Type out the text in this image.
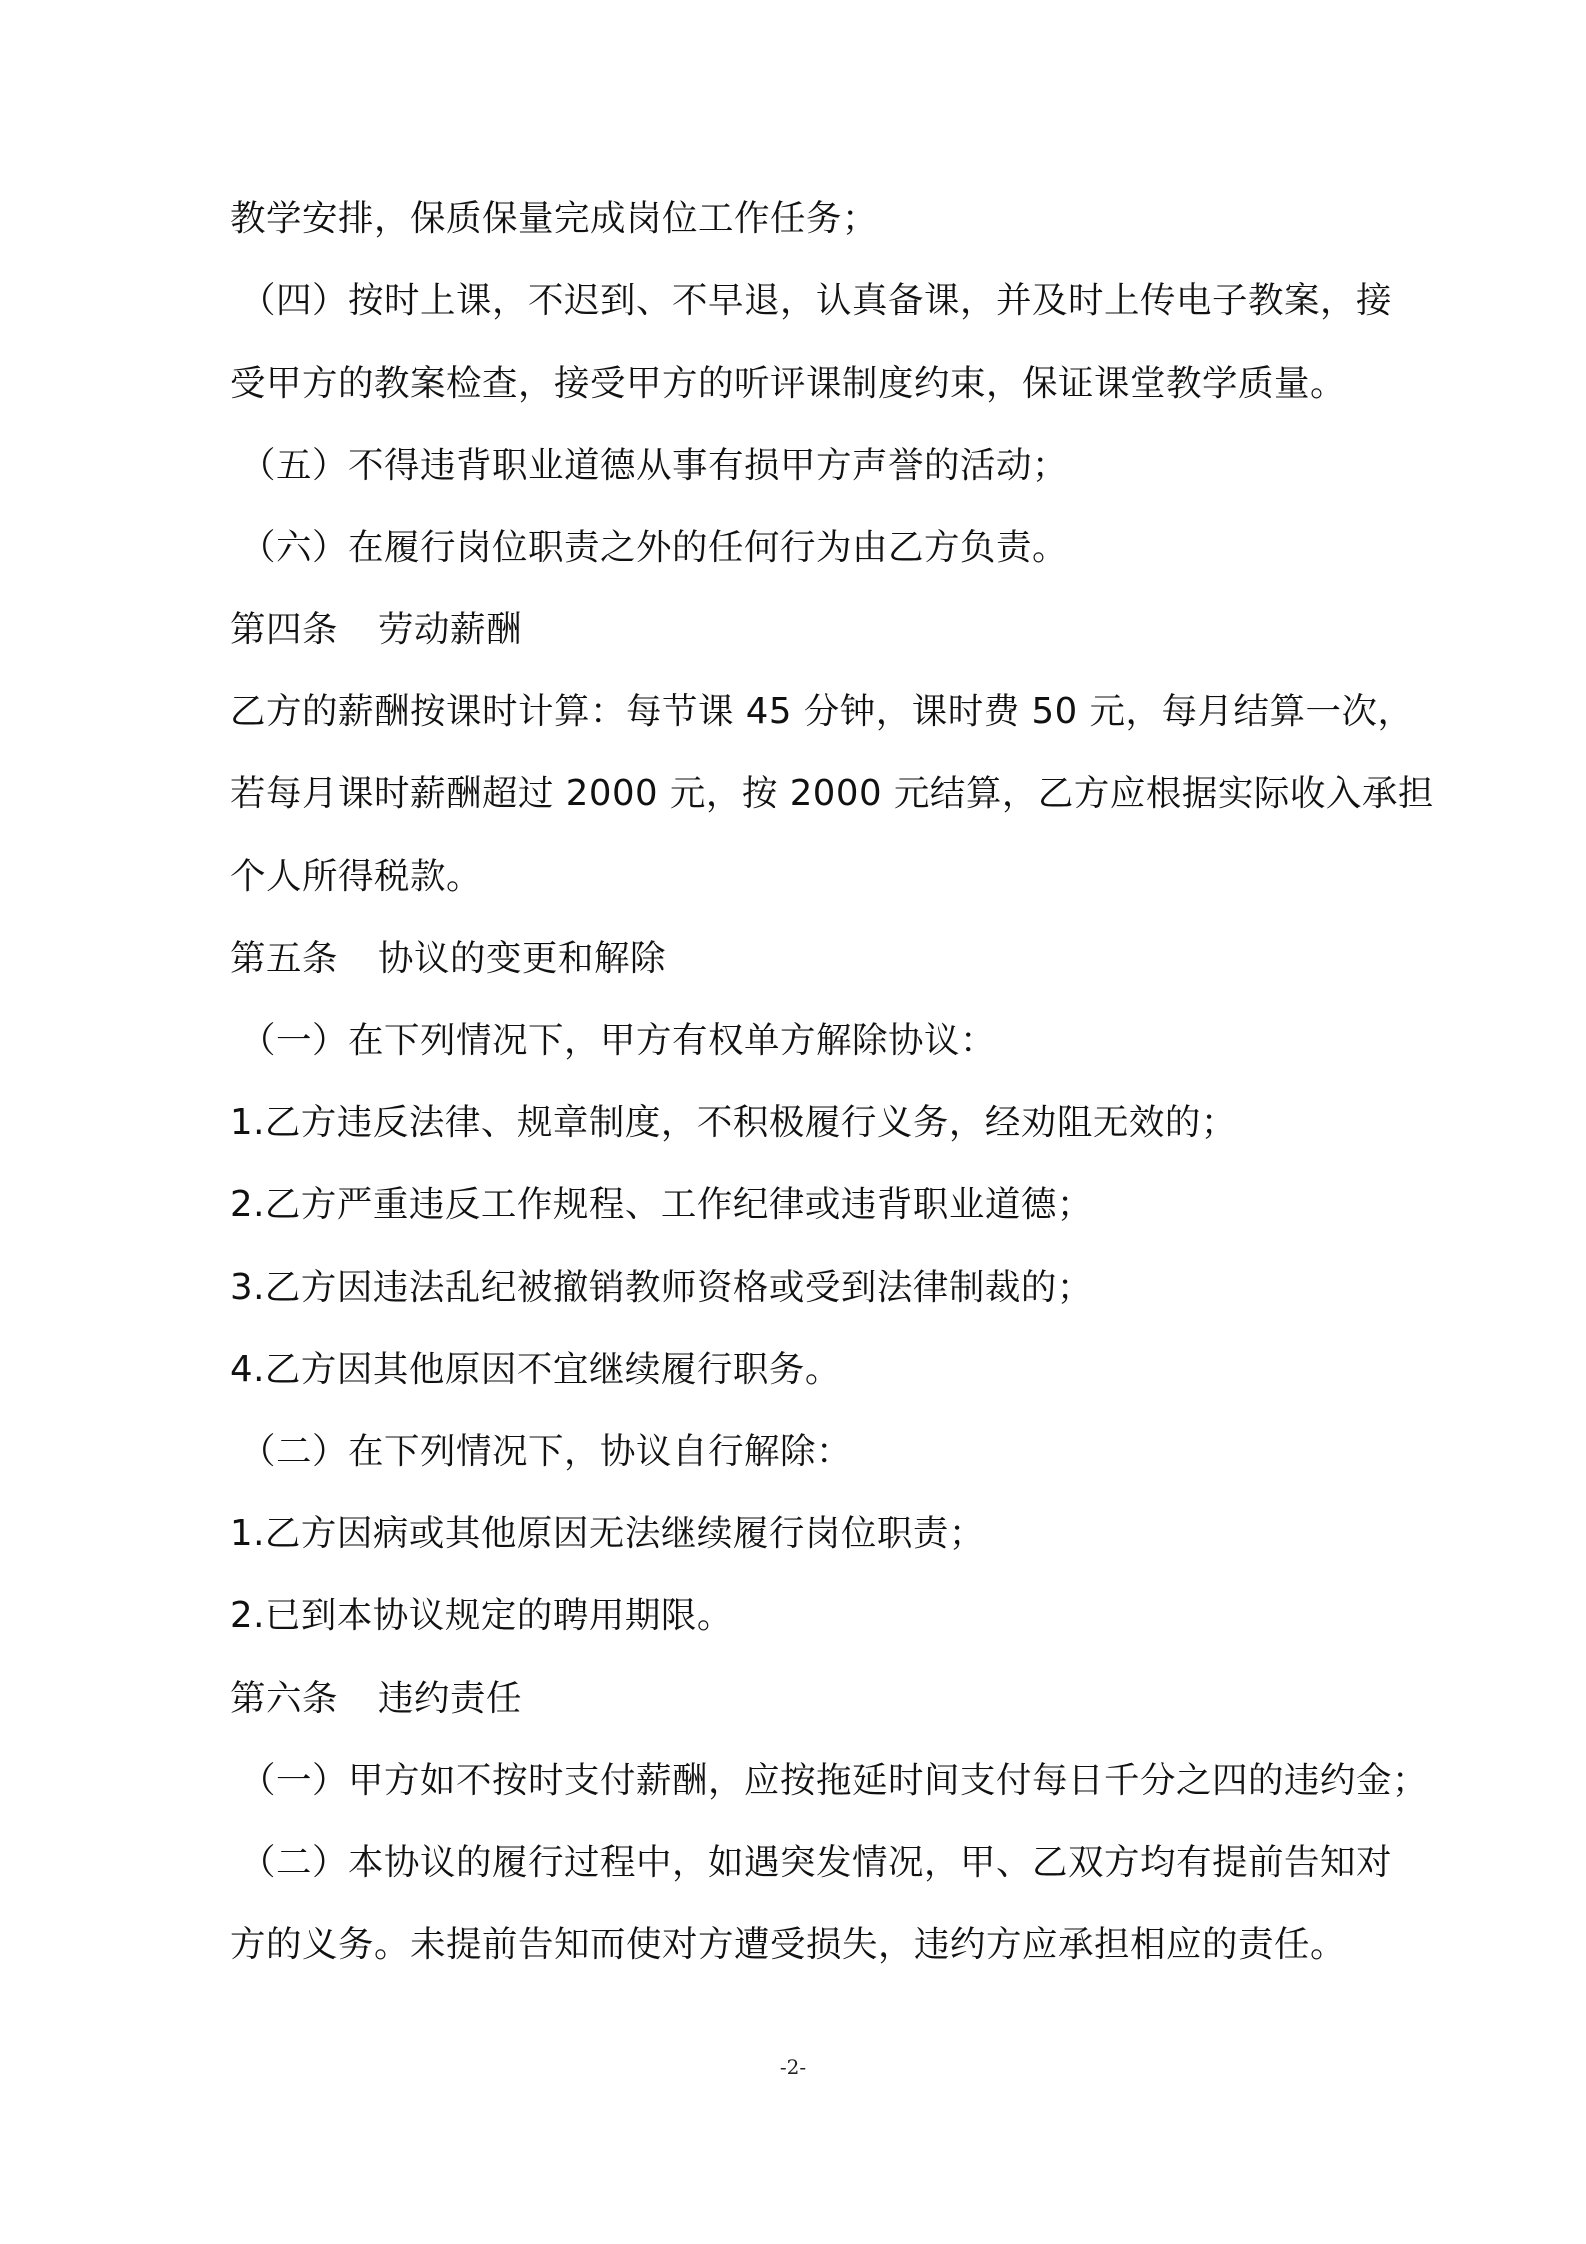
教学安排，保质保量完成岗位工作任务；
（四）按时上课，不迟到、不早退，认真备课，并及时上传电子教案，接
受甲方的教案检查，接受甲方的听评课制度约束，保证课堂教学质量。
（五）不得违背职业道德从事有损甲方声誉的活动；
（六）在履行岗位职责之外的任何行为由乙方负责。
第四条 劳动薪酬
乙方的薪酬按课时计算：每节课 45 分钟，课时费 50 元，每月结算一次，
若每月课时薪酬超过 2000 元，按 2000 元结算，乙方应根据实际收入承担
个人所得税款。
第五条 协议的变更和解除
（一）在下列情况下，甲方有权单方解除协议：
1.乙方违反法律、规章制度，不积极履行义务，经劝阻无效的；
2.乙方严重违反工作规程、工作纪律或违背职业道德；
3.乙方因违法乱纪被撤销教师资格或受到法律制裁的；
4.乙方因其他原因不宜继续履行职务。
（二）在下列情况下，协议自行解除：
1.乙方因病或其他原因无法继续履行岗位职责；
2.已到本协议规定的聘用期限。
第六条 违约责任
（一）甲方如不按时支付薪酬，应按拖延时间支付每日千分之四的违约金；
（二）本协议的履行过程中，如遇突发情况，甲、乙双方均有提前告知对
方的义务。未提前告知而使对方遭受损失，违约方应承担相应的责任。
-2-
